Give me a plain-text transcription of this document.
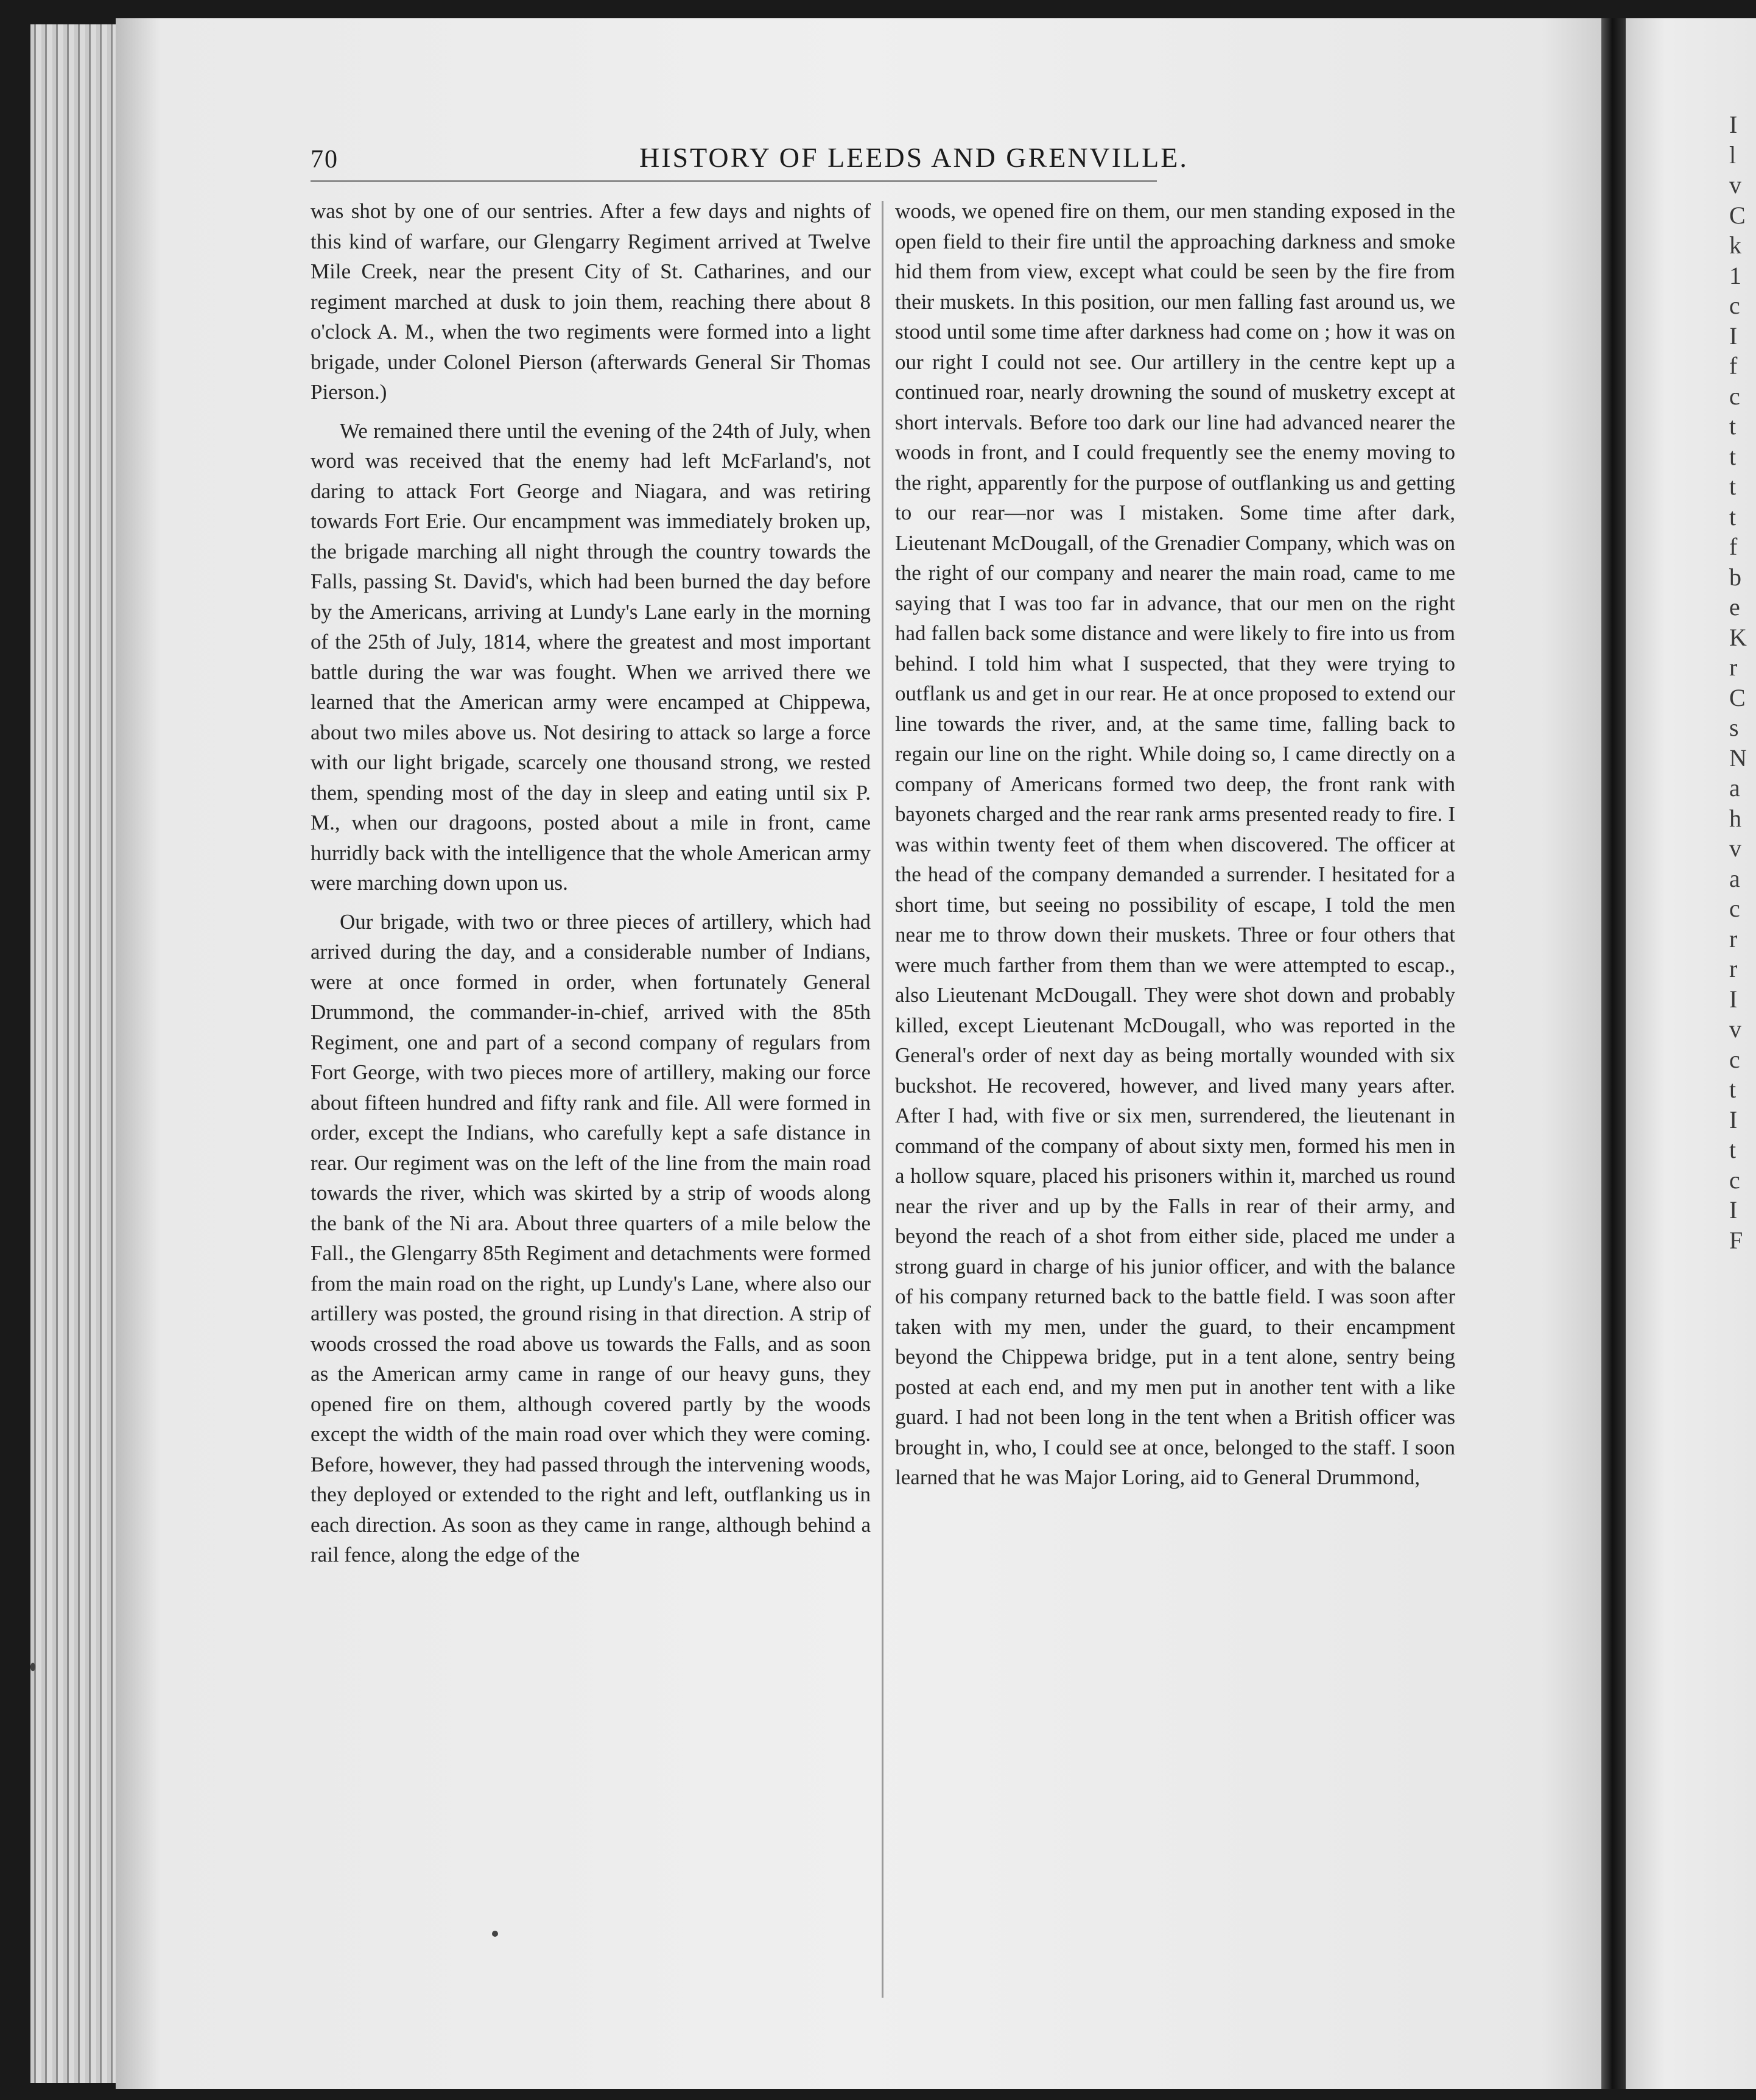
I
l
v
C
k
1
c
I
f
c
t
t
t
t
f
b
e
K
r
C
s
N
a
h
v
a
c
r
r
I
v
c
t
I
t
c
I
F
70	HISTORY OF LEEDS AND GRENVILLE.

was shot by one of our sentries. After a few days and nights of this kind of warfare, our Glengarry Regiment arrived at Twelve Mile Creek, near the present City of St. Catharines, and our regiment marched at dusk to join them, reaching there about 8 o'clock A. M., when the two regiments were formed into a light brigade, under Colonel Pierson (afterwards General Sir Thomas Pierson.)

We remained there until the evening of the 24th of July, when word was received that the enemy had left McFarland's, not daring to attack Fort George and Niagara, and was retiring towards Fort Erie. Our encampment was immediately broken up, the brigade marching all night through the country towards the Falls, passing St. David's, which had been burned the day before by the Americans, arriving at Lundy's Lane early in the morning of the 25th of July, 1814, where the greatest and most important battle during the war was fought. When we arrived there we learned that the American army were encamped at Chippewa, about two miles above us. Not desiring to attack so large a force with our light brigade, scarcely one thousand strong, we rested them, spending most of the day in sleep and eating until six P. M., when our dragoons, posted about a mile in front, came hurridly back with the intelligence that the whole American army were marching down upon us.

Our brigade, with two or three pieces of artillery, which had arrived during the day, and a considerable number of Indians, were at once formed in order, when fortunately General Drummond, the commander-in-chief, arrived with the 85th Regiment, one and part of a second company of regulars from Fort George, with two pieces more of artillery, making our force about fifteen hundred and fifty rank and file. All were formed in order, except the Indians, who carefully kept a safe distance in rear. Our regiment was on the left of the line from the main road towards the river, which was skirted by a strip of woods along the bank of the Ni ara. About three quarters of a mile below the Fall., the Glengarry 85th Regiment and detachments were formed from the main road on the right, up Lundy's Lane, where also our artillery was posted, the ground rising in that direction. A strip of woods crossed the road above us towards the Falls, and as soon as the American army came in range of our heavy guns, they opened fire on them, although covered partly by the woods except the width of the main road over which they were coming. Before, however, they had passed through the intervening woods, they deployed or extended to the right and left, outflanking us in each direction. As soon as they came in range, although behind a rail fence, along the edge of the

woods, we opened fire on them, our men standing exposed in the open field to their fire until the approaching darkness and smoke hid them from view, except what could be seen by the fire from their muskets. In this position, our men falling fast around us, we stood until some time after darkness had come on ; how it was on our right I could not see. Our artillery in the centre kept up a continued roar, nearly drowning the sound of musketry except at short intervals. Before too dark our line had advanced nearer the woods in front, and I could frequently see the enemy moving to the right, apparently for the purpose of outflanking us and getting to our rear—nor was I mistaken. Some time after dark, Lieutenant McDougall, of the Grenadier Company, which was on the right of our company and nearer the main road, came to me saying that I was too far in advance, that our men on the right had fallen back some distance and were likely to fire into us from behind. I told him what I suspected, that they were trying to outflank us and get in our rear. He at once proposed to extend our line towards the river, and, at the same time, falling back to regain our line on the right. While doing so, I came directly on a company of Americans formed two deep, the front rank with bayonets charged and the rear rank arms presented ready to fire. I was within twenty feet of them when discovered. The officer at the head of the company demanded a surrender. I hesitated for a short time, but seeing no possibility of escape, I told the men near me to throw down their muskets. Three or four others that were much farther from them than we were attempted to escap., also Lieutenant McDougall. They were shot down and probably killed, except Lieutenant McDougall, who was reported in the General's order of next day as being mortally wounded with six buckshot. He recovered, however, and lived many years after. After I had, with five or six men, surrendered, the lieutenant in command of the company of about sixty men, formed his men in a hollow square, placed his prisoners within it, marched us round near the river and up by the Falls in rear of their army, and beyond the reach of a shot from either side, placed me under a strong guard in charge of his junior officer, and with the balance of his company returned back to the battle field. I was soon after taken with my men, under the guard, to their encampment beyond the Chippewa bridge, put in a tent alone, sentry being posted at each end, and my men put in another tent with a like guard. I had not been long in the tent when a British officer was brought in, who, I could see at once, belonged to the staff. I soon learned that he was Major Loring, aid to General Drummond,
